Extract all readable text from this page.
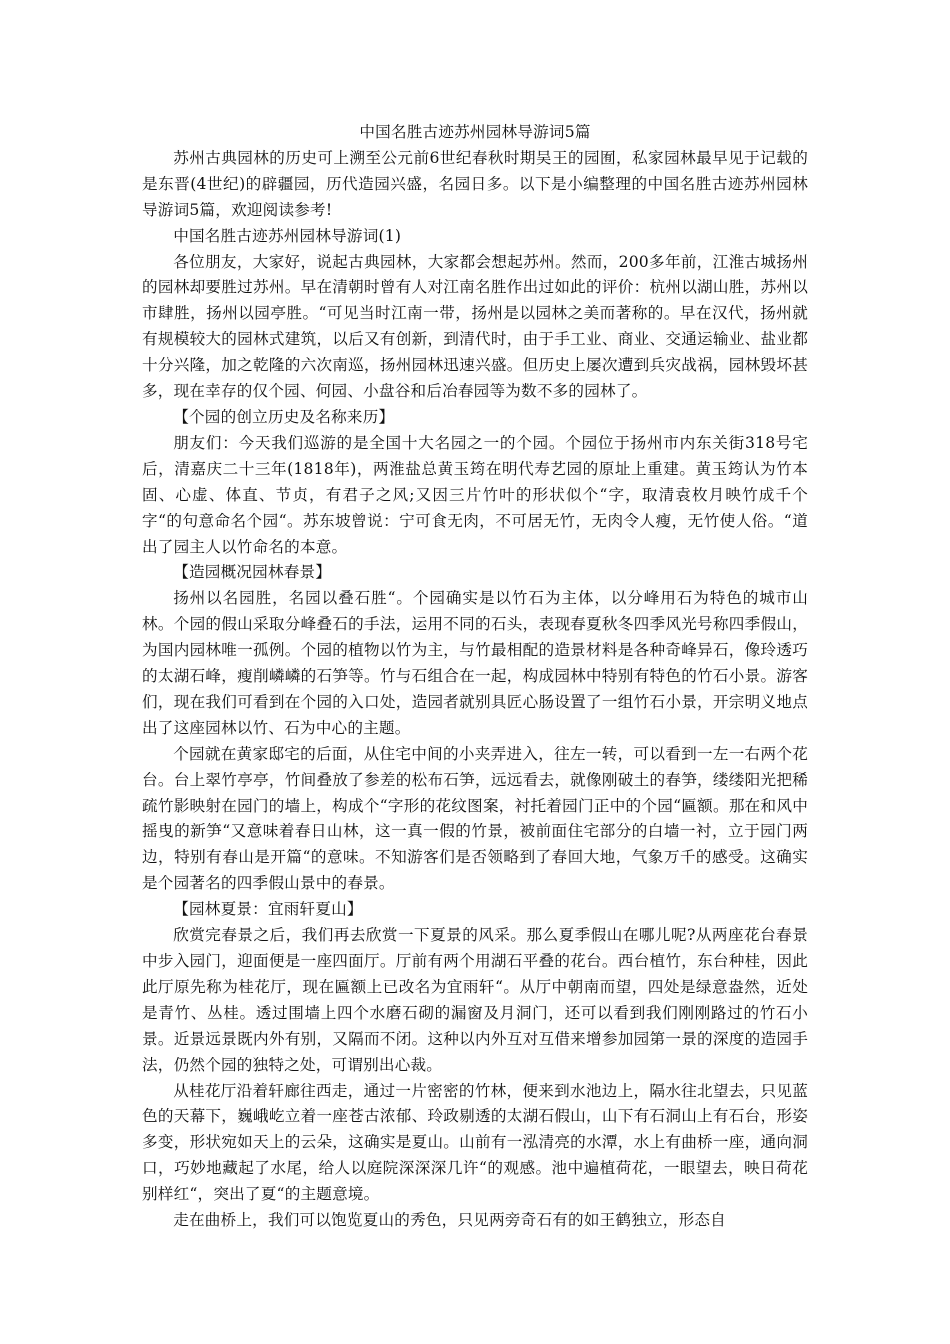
中国名胜古迹苏州园林导游词5篇

苏州古典园林的历史可上溯至公元前6世纪春秋时期吴王的园囿，私家园林最早见于记载的是东晋(4世纪)的辟疆园，历代造园兴盛，名园日多。以下是小编整理的中国名胜古迹苏州园林导游词5篇，欢迎阅读参考!

中国名胜古迹苏州园林导游词(1)

各位朋友，大家好，说起古典园林，大家都会想起苏州。然而，200多年前，江淮古城扬州的园林却要胜过苏州。早在清朝时曾有人对江南名胜作出过如此的评价：杭州以湖山胜，苏州以市肆胜，扬州以园亭胜。“可见当时江南一带，扬州是以园林之美而著称的。早在汉代，扬州就有规模较大的园林式建筑，以后又有创新，到清代时，由于手工业、商业、交通运输业、盐业都十分兴隆，加之乾隆的六次南巡，扬州园林迅速兴盛。但历史上屡次遭到兵灾战祸，园林毁坏甚多，现在幸存的仅个园、何园、小盘谷和后冶春园等为数不多的园林了。

【个园的创立历史及名称来历】

朋友们：今天我们巡游的是全国十大名园之一的个园。个园位于扬州市内东关街318号宅后，清嘉庆二十三年(1818年)，两淮盐总黄玉筠在明代寿艺园的原址上重建。黄玉筠认为竹本固、心虚、体直、节贞，有君子之风;又因三片竹叶的形状似个“字，取清袁枚月映竹成千个字“的句意命名个园“。苏东坡曾说：宁可食无肉，不可居无竹，无肉令人瘦，无竹使人俗。“道出了园主人以竹命名的本意。

【造园概况园林春景】

扬州以名园胜，名园以叠石胜“。个园确实是以竹石为主体，以分峰用石为特色的城市山林。个园的假山采取分峰叠石的手法，运用不同的石头，表现春夏秋冬四季风光号称四季假山，为国内园林唯一孤例。个园的植物以竹为主，与竹最相配的造景材料是各种奇峰异石，像玲透巧的太湖石峰，瘦削嶙嶙的石笋等。竹与石组合在一起，构成园林中特别有特色的竹石小景。游客们，现在我们可看到在个园的入口处，造园者就别具匠心肠设置了一组竹石小景，开宗明义地点出了这座园林以竹、石为中心的主题。

个园就在黄家邸宅的后面，从住宅中间的小夹弄进入，往左一转，可以看到一左一右两个花台。台上翠竹亭亭，竹间叠放了参差的松布石笋，远远看去，就像刚破土的春笋，缕缕阳光把稀疏竹影映射在园门的墙上，构成个“字形的花纹图案，衬托着园门正中的个园“匾额。那在和风中摇曳的新笋“又意味着春日山林，这一真一假的竹景，被前面住宅部分的白墙一衬，立于园门两边，特别有春山是开篇“的意味。不知游客们是否领略到了春回大地，气象万千的感受。这确实是个园著名的四季假山景中的春景。

【园林夏景：宜雨轩夏山】

欣赏完春景之后，我们再去欣赏一下夏景的风采。那么夏季假山在哪儿呢?从两座花台春景中步入园门，迎面便是一座四面厅。厅前有两个用湖石平叠的花台。西台植竹，东台种桂，因此此厅原先称为桂花厅，现在匾额上已改名为宜雨轩“。从厅中朝南而望，四处是绿意盎然，近处是青竹、丛桂。透过围墙上四个水磨石砌的漏窗及月洞门，还可以看到我们刚刚路过的竹石小景。近景远景既内外有别，又隔而不闭。这种以内外互对互借来增参加园第一景的深度的造园手法，仍然个园的独特之处，可谓别出心裁。

从桂花厅沿着轩廊往西走，通过一片密密的竹林，便来到水池边上，隔水往北望去，只见蓝色的天幕下，巍峨屹立着一座苍古浓郁、玲政剔透的太湖石假山，山下有石洞山上有石台，形姿多变，形状宛如天上的云朵，这确实是夏山。山前有一泓清亮的水潭，水上有曲桥一座，通向洞口，巧妙地藏起了水尾，给人以庭院深深深几许“的观感。池中遍植荷花，一眼望去，映日荷花别样红“，突出了夏“的主题意境。

走在曲桥上，我们可以饱览夏山的秀色，只见两旁奇石有的如王鹤独立，形态自
